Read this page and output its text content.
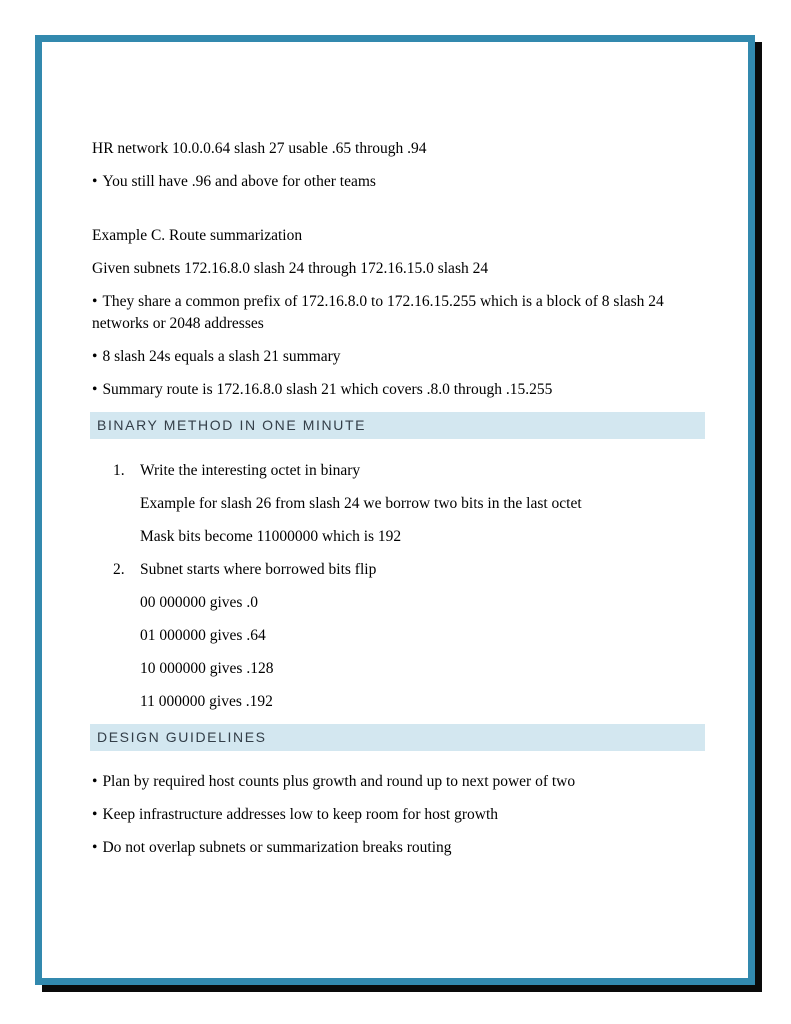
HR network 10.0.0.64 slash 27 usable .65 through .94

• You still have .96 and above for other teams

Example C. Route summarization

Given subnets 172.16.8.0 slash 24 through 172.16.15.0 slash 24

• They share a common prefix of 172.16.8.0 to 172.16.15.255 which is a block of 8 slash 24 networks or 2048 addresses

• 8 slash 24s equals a slash 21 summary

• Summary route is 172.16.8.0 slash 21 which covers .8.0 through .15.255

BINARY METHOD IN ONE MINUTE
1. Write the interesting octet in binary

Example for slash 26 from slash 24 we borrow two bits in the last octet

Mask bits become 11000000 which is 192

2. Subnet starts where borrowed bits flip

00 000000 gives .0

01 000000 gives .64

10 000000 gives .128

11 000000 gives .192

DESIGN GUIDELINES

• Plan by required host counts plus growth and round up to next power of two

• Keep infrastructure addresses low to keep room for host growth

• Do not overlap subnets or summarization breaks routing
